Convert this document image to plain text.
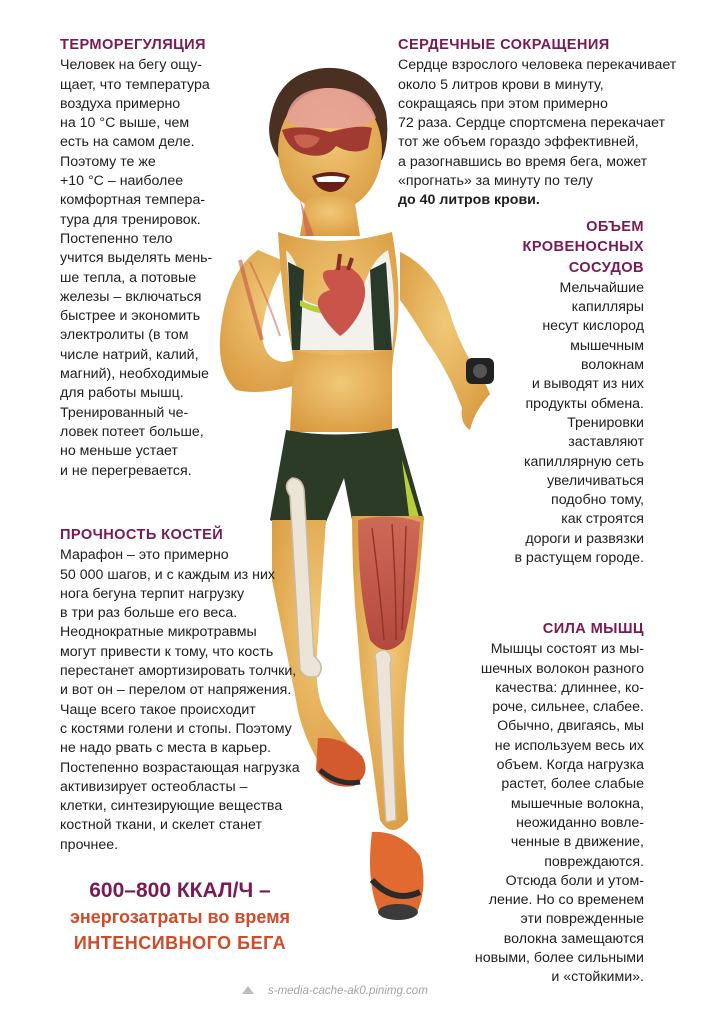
ТЕРМОРЕГУЛЯЦИЯ
Человек на бегу ощу-
щает, что температура
воздуха примерно
на 10 °С выше, чем
есть на самом деле.
Поэтому те же
+10 °С – наиболее
комфортная темпера-
тура для тренировок.
Постепенно тело
учится выделять мень-
ше тепла, а потовые
железы – включаться
быстрее и экономить
электролиты (в том
числе натрий, калий,
магний), необходимые
для работы мышц.
Тренированный че-
ловек потеет больше,
но меньше устает
и не перегревается.
СЕРДЕЧНЫЕ СОКРАЩЕНИЯ
Сердце взрослого человека перекачивает
около 5 литров крови в минуту,
сокращаясь при этом примерно
72 раза. Сердце спортсмена перекачает
тот же объем гораздо эффективней,
а разогнавшись во время бега, может
«прогнать» за минуту по телу
до 40 литров крови.
ОБЪЕМ
КРОВЕНОСНЫХ
СОСУДОВ
Мельчайшие
капилляры
несут кислород
мышечным
волокнам
и выводят из них
продукты обмена.
Тренировки
заставляют
капиллярную сеть
увеличиваться
подобно тому,
как строятся
дороги и развязки
в растущем городе.
ПРОЧНОСТЬ КОСТЕЙ
Марафон – это примерно
50 000 шагов, и с каждым из них
нога бегуна терпит нагрузку
в три раз больше его веса.
Неоднократные микротравмы
могут привести к тому, что кость
перестанет амортизировать толчки,
и вот он – перелом от напряжения.
Чаще всего такое происходит
с костями голени и стопы. Поэтому
не надо рвать с места в карьер.
Постепенно возрастающая нагрузка
активизирует остеобласты –
клетки, синтезирующие вещества
костной ткани, и скелет станет
прочнее.
СИЛА МЫШЦ
Мышцы состоят из мы-
шечных волокон разного
качества: длиннее, ко-
роче, сильнее, слабее.
Обычно, двигаясь, мы
не используем весь их
объем. Когда нагрузка
растет, более слабые
мышечные волокна,
неожиданно вовле-
ченные в движение,
повреждаются.
Отсюда боли и утом-
ление. Но со временем
эти поврежденные
волокна замещаются
новыми, более сильными
и «стойкими».
600–800 ККАЛ/Ч –
энергозатраты во время
ИНТЕНСИВНОГО БЕГА
s-media-cache-ak0.pinimg.com
